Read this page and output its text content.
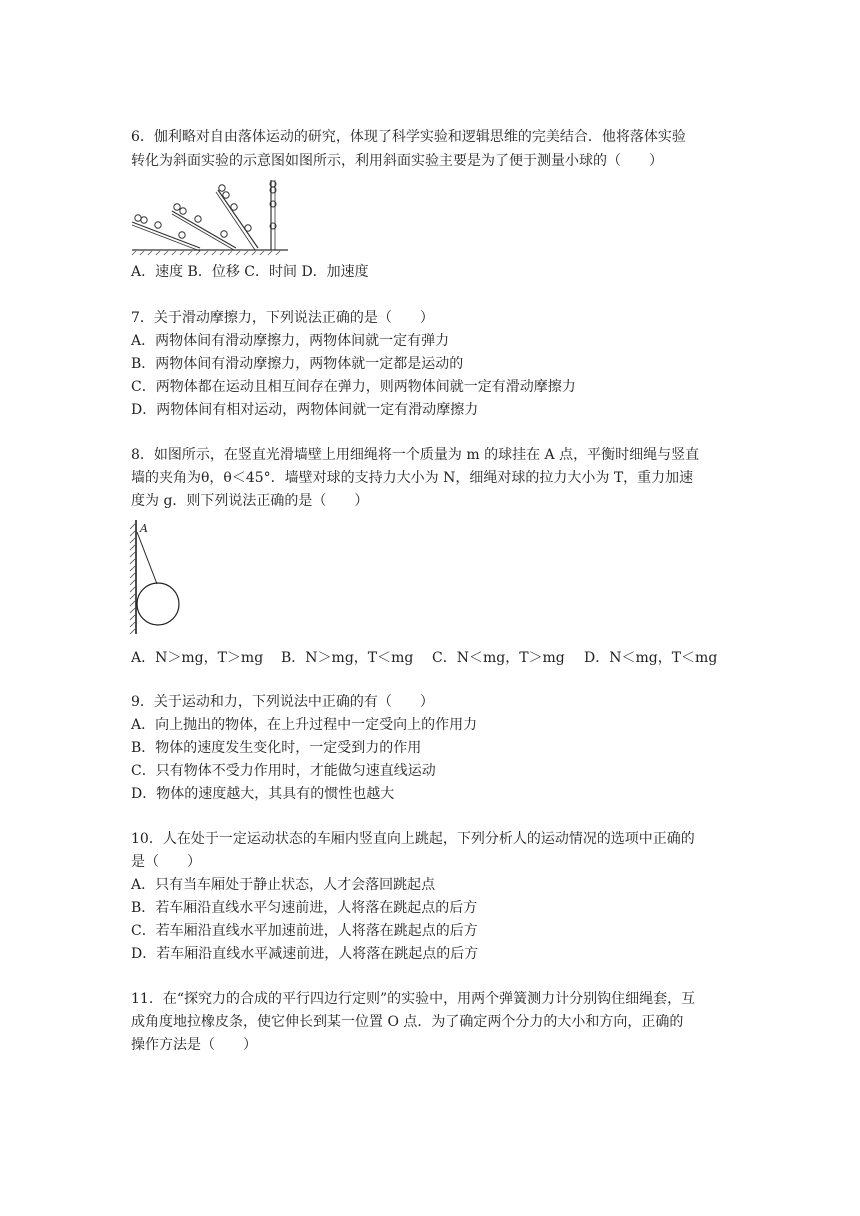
6．伽利略对自由落体运动的研究，体现了科学实验和逻辑思维的完美结合．他将落体实验
转化为斜面实验的示意图如图所示，利用斜面实验主要是为了便于测量小球的（　　）
A．速度 B．位移 C．时间 D．加速度
7．关于滑动摩擦力，下列说法正确的是（　　）
A．两物体间有滑动摩擦力，两物体间就一定有弹力
B．两物体间有滑动摩擦力，两物体就一定都是运动的
C．两物体都在运动且相互间存在弹力，则两物体间就一定有滑动摩擦力
D．两物体间有相对运动，两物体间就一定有滑动摩擦力
8．如图所示，在竖直光滑墙壁上用细绳将一个质量为 m 的球挂在 A 点，平衡时细绳与竖直
墙的夹角为θ，θ＜45°．墙壁对球的支持力大小为 N，细绳对球的拉力大小为 T，重力加速
度为 g．则下列说法正确的是（　　）
A
A．N＞mg，T＞mg B．N＞mg，T＜mg C．N＜mg，T＞mg D．N＜mg，T＜mg
9．关于运动和力，下列说法中正确的有（　　）
A．向上抛出的物体，在上升过程中一定受向上的作用力
B．物体的速度发生变化时，一定受到力的作用
C．只有物体不受力作用时，才能做匀速直线运动
D．物体的速度越大，其具有的惯性也越大
10．人在处于一定运动状态的车厢内竖直向上跳起，下列分析人的运动情况的选项中正确的
是（　　）
A．只有当车厢处于静止状态，人才会落回跳起点
B．若车厢沿直线水平匀速前进，人将落在跳起点的后方
C．若车厢沿直线水平加速前进，人将落在跳起点的后方
D．若车厢沿直线水平减速前进，人将落在跳起点的后方
11．在“探究力的合成的平行四边行定则”的实验中，用两个弹簧测力计分别钩住细绳套，互
成角度地拉橡皮条，使它伸长到某一位置 O 点．为了确定两个分力的大小和方向，正确的
操作方法是（　　）
